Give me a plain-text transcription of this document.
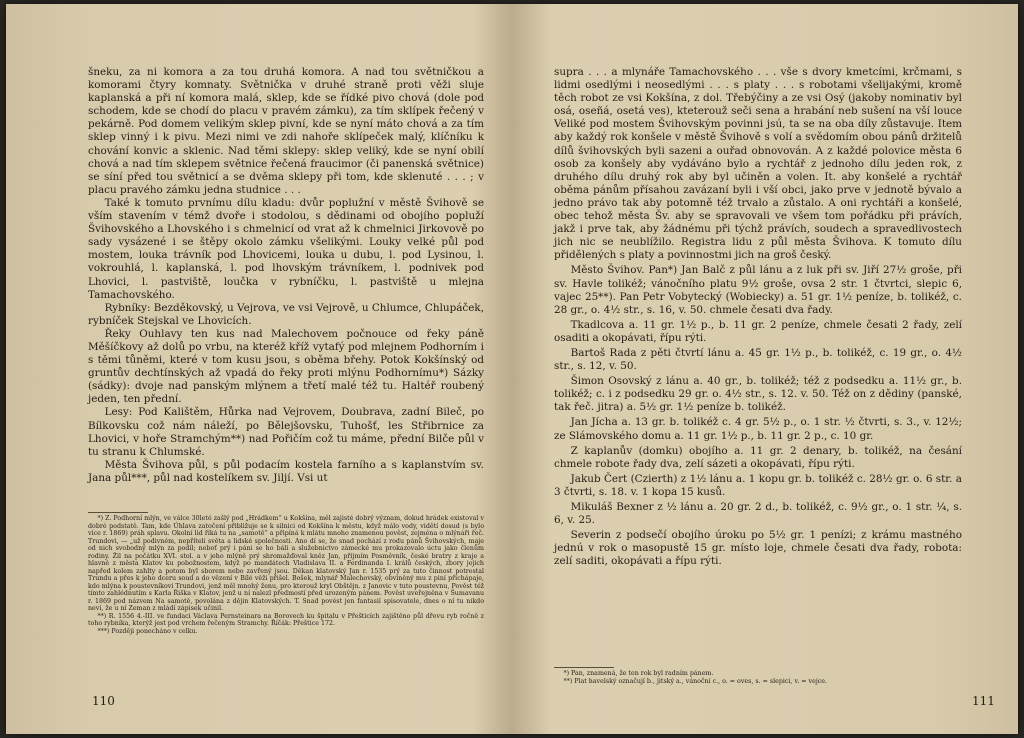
šneku, za ni komora a za tou druhá komora. A nad tou světničkou a komorami čtyry komnaty. Světnička v druhé straně proti věži sluje kaplanská a při ní komora malá, sklep, kde se řídké pivo chová (dole pod schodem, kde se chodí do placu v pravém zámku), za tím sklípek řečený v pekárně. Pod domem velikým sklep pivní, kde se nyní máto chová a za tím sklep vinný i k pivu. Mezi nimi ve zdi nahoře sklípeček malý, klíčníku k chování konvic a sklenic. Nad těmi sklepy: sklep veliký, kde se nyní obilí chová a nad tím sklepem světnice řečená fraucimor (či panenská světnice) se síní před tou světnicí a se dvěma sklepy při tom, kde sklenuté . . . ; v placu pravého zámku jedna studnice . . .

Také k tomuto prvnímu dílu kladu: dvůr poplužní v městě Švihově se vším stavením v témž dvoře i stodolou, s dědinami od obojího popluží Švihovského a Lhovského i s chmelnicí od vrat až k chmelnici Jirkovově po sady vysázené i se štěpy okolo zámku všelikými. Louky velké půl pod mostem, louka trávník pod Lhovicemi, louka u dubu, l. pod Lysinou, l. vokrouhlá, l. kaplanská, l. pod lhovským trávníkem, l. podnivek pod Lhovici, l. pastviště, loučka v rybníčku, l. pastviště u mlejna Tamachovského.

Rybníky: Bezděkovský, u Vejrova, ve vsi Vejrově, u Chlumce, Chlupáček, rybníček Stejskal ve Lhovicích.

Řeky Ouhlavy ten kus nad Malechovem počnouce od řeky páně Měšíčkovy až dolů po vrbu, na kteréž kříž vytafý pod mlejnem Podhorním i s těmi tůněmi, které v tom kusu jsou, s oběma břehy. Potok Kokšínský od gruntův dechtínských až vpadá do řeky proti mlýnu Podhornímu*) Sázky (sádky): dvoje nad panským mlýnem a třetí malé též tu. Haltéř roubený jeden, ten přední.

Lesy: Pod Kalištěm, Hůrka nad Vejrovem, Doubrava, zadní Bileč, po Bílkovsku což nám náleží, po Bělejšovsku, Tuhošť, les Střibrnice za Lhovici, v hoře Stramchým**) nad Pořičím což tu máme, přední Bilče půl v tu stranu k Chlumské.

Města Švihova půl, s půl podacím kostela farního a s kaplanstvím sv. Jana půl***, půl nad kostelíkem sv. Jiljí. Vsi ut

*) Z. Podhorní mlýn, ve válce 30leté zašlý pod „Hrádkem“ u Kokšína, měl zajisté dobrý význam, dokud hrádek existoval v dobré podstatě. Tam, kde Úhlava zatočení přibližuje se k silnici od Kokšína k městu, když málo vody, vidětí dosud (s bylo více r. 1869) práh splavu. Okolní lid říká tu na „samotě“ a připíná k mlátu mnoho znamenou pověst, zejména o mlýnáři řeč. Trundovi, — „už podivném, nepříteli světa a lidské společnosti. Ano dí se, že snad pochází z rodu pánů Švihovských, maje od nich svobodný mlýn za podíl; neboť prý i páni se ho báli a služebnictvo zámecké mu prokazovalo úctu jako členům rodiny. Žil na počátku XVI. stol. a v jeho mlýně prý shromažďoval kněz Jan, příjmím Posměvník, české bratry z kraje a hlavně z města Klatov ku pobožnostem, když po mandátech Vladislava II. a Ferdinanda I. králů českých, zbory jejich napřed kolem zahlty a potom byl sborem nebo zavřený jsou. Děkan klatovský Jan r. 1535 prý za tuto činnost potrestal Trundu a přes k jeho dceru soud a do vězení v Bílé věži přišel. Bošek, mlynář Malechovský, obviněný mu z piní přichápaje, kdo mlýna k poustevníkovi Trundovi, jenž měl mnohý ženu, pro kterouž kryl Obštějn. z Janovic v tuto poustevnu, Pověst též tímto zahlédnutím s Karla Řiška v Klatov, jenž u ní nalezl předmostí před urozeným pánem. Pověst uveřejněna v Šumavanu r. 1869 pod názvem Na samotě, povolána z dějin Klatovských. T. Snad povést jen fantasií spisovatele, dnes o ní tu nikdo neví, že u ní Zeman z mládí zápisek učinil.

**) R. 1556 4.-III. ve fundaci Václava Pernsteinara na Borovech ku špitalu v Přešticích zajištěno půl dřevu ryb ročně z toho rybníka, kterýž jest pod vrchem řečeným Stramchy. Říčák: Přeštice 172.

***) Později ponecháno v celku.

110

supra . . . a mlynáře Tamachovského . . . vše s dvory kmetcími, krčmami, s lidmi osedlými i neosedlými . . . s platy . . . s robotami všelijakými, kromě těch robot ze vsi Kokšína, z dol. Třebýčiny a ze vsi Osý (jakoby nominativ byl osá, oseñá, osetá ves), kteterouž seči sena a hrabání neb sušení na vší louce Veliké pod mostem Švihovským povinni jsú, ta se na oba díly zůstavuje. Item aby každý rok konšele v městě Švihově s volí a svědomím obou pánů držitelů dílů švihovských byli sazeni a ouřad obnovován. A z každé polovice města 6 osob za konšely aby vydáváno bylo a rychtář z jednoho dílu jeden rok, z druhého dílu druhý rok aby byl učiněn a volen. It. aby konšelé a rychtář oběma pánům přísahou zavázaní byli i vší obci, jako prve v jednotě bývalo a jedno právo tak aby potomně též trvalo a zůstalo. A oni rychtáři a konšelé, obec tehož města Šv. aby se spravovali ve všem tom pořádku při právích, jakž i prve tak, aby žádnému při týchž právích, soudech a spravedlivostech jich nic se neublížilo. Registra lidu z půl města Švihova. K tomuto dílu přidělených s platy a povinnostmi jich na groš český.

Město Švihov. Pan*) Jan Balč z půl lánu a z luk při sv. Jiří 27½ groše, při sv. Havle tolikéž; vánočního platu 9½ groše, ovsa 2 str. 1 čtvrtci, slepic 6, vajec 25**). Pan Petr Vobytecký (Wobiecky) a. 51 gr. 1½ peníze, b. tolikéž, c. 28 gr., o. 4½ str., s. 16, v. 50. chmele česati dva řady.

Tkadlcova a. 11 gr. 1½ p., b. 11 gr. 2 peníze, chmele česati 2 řady, zelí osaditi a okopávati, řípu rýti.

Bartoš Rada z pěti čtvrtí lánu a. 45 gr. 1½ p., b. tolikéž, c. 19 gr., o. 4½ str., s. 12, v. 50.

Šimon Osovský z lánu a. 40 gr., b. tolikéž; též z podsedku a. 11½ gr., b. tolikéž; c. i z podsedku 29 gr. o. 4½ str., s. 12. v. 50. Též on z dědiny (panské, tak řeč. jitra) a. 5½ gr. 1½ peníze b. tolikéž.

Jan Jícha a. 13 gr. b. tolikéž c. 4 gr. 5½ p., o. 1 str. ½ čtvrti, s. 3., v. 12½; ze Slámovského domu a. 11 gr. 1½ p., b. 11 gr. 2 p., c. 10 gr.

Z kaplanův (domku) obojího a. 11 gr. 2 denary, b. tolikéž, na česání chmele robote řady dva, zelí sázeti a okopávati, řípu rýti.

Jakub Čert (Czierth) z 1½ lánu a. 1 kopu gr. b. tolikéž c. 28½ gr. o. 6 str. a 3 čtvrti, s. 18. v. 1 kopa 15 kusů.

Mikuláš Bexner z ½ lánu a. 20 gr. 2 d., b. tolikéž, c. 9½ gr., o. 1 str. ¼, s. 6, v. 25.

Severin z podsečí obojího úroku po 5½ gr. 1 penízi; z krámu mastného jednú v rok o masopustě 15 gr. místo loje, chmele česati dva řady, robota: zelí saditi, okopávati a řípu rýti.

*) Pan, znamená, že ten rok byl radním pánem.

**) Plat havelský označují b., jitský a., vánoční c., o. = oves, s. = slepici, v. = vejce.

111
